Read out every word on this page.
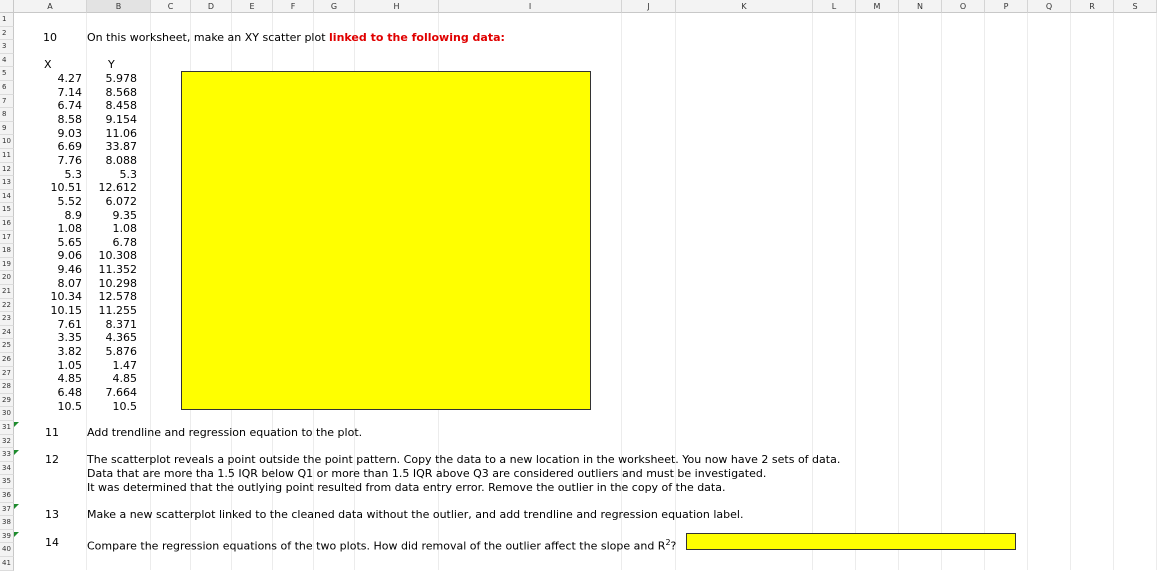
A	B	C	D	E	F	G	H	I	J	K	L	M	N	O	P	Q	R	S
1
2
3
4
5
6
7
8
9
10
11
12
13
14
15
16
17
18
19
20
21
22
23
24
25
26
27
28
29
30
31
32
33
34
35
36
37
38
39
40
41
10	On this worksheet, make an XY scatter plot linked to the following data:
X	Y
4.27	5.978
7.14	8.568
6.74	8.458
8.58	9.154
9.03	11.06
6.69	33.87
7.76	8.088
5.3	5.3
10.51	12.612
5.52	6.072
8.9	9.35
1.08	1.08
5.65	6.78
9.06	10.308
9.46	11.352
8.07	10.298
10.34	12.578
10.15	11.255
7.61	8.371
3.35	4.365
3.82	5.876
1.05	1.47
4.85	4.85
6.48	7.664
10.5	10.5
11	Add trendline and regression equation to the plot.
12	The scatterplot reveals a point outside the point pattern. Copy the data to a new location in the worksheet. You now have 2 sets of data.
Data that are more tha 1.5 IQR below Q1 or more than 1.5 IQR above Q3 are considered outliers and must be investigated.
It was determined that the outlying point resulted from data entry error. Remove the outlier in the copy of the data.
13	Make a new scatterplot linked to the cleaned data without the outlier, and add trendline and regression equation label.
14	Compare the regression equations of the two plots. How did removal of the outlier affect the slope and $R^2$?
